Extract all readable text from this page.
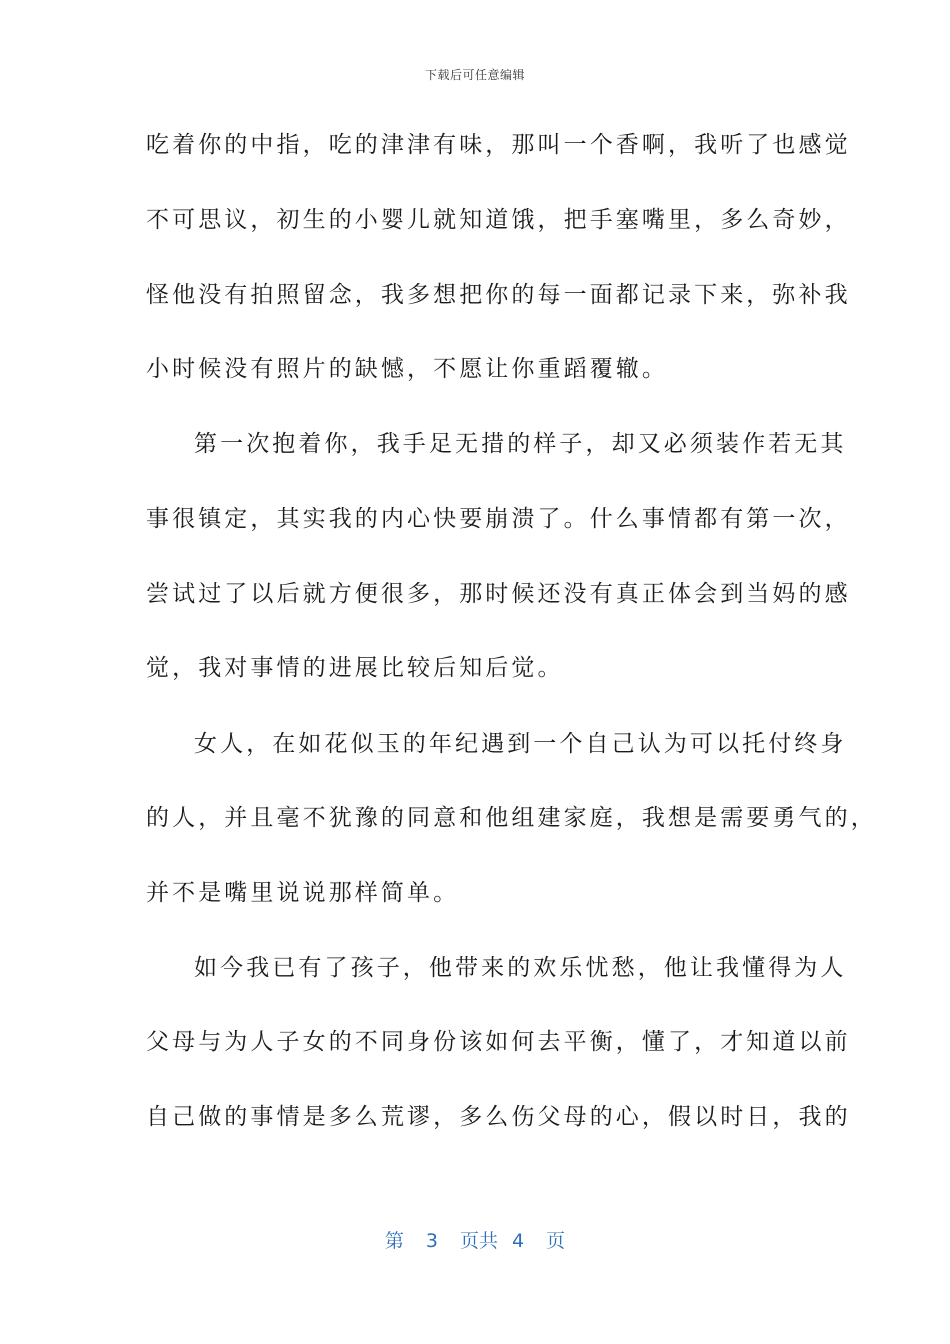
下载后可任意编辑
吃着你的中指，吃的津津有味，那叫一个香啊，我听了也感觉
不可思议，初生的小婴儿就知道饿，把手塞嘴里，多么奇妙，
怪他没有拍照留念，我多想把你的每一面都记录下来，弥补我
小时候没有照片的缺憾，不愿让你重蹈覆辙。
第一次抱着你，我手足无措的样子，却又必须装作若无其
事很镇定，其实我的内心快要崩溃了。什么事情都有第一次，
尝试过了以后就方便很多，那时候还没有真正体会到当妈的感
觉，我对事情的进展比较后知后觉。
女人，在如花似玉的年纪遇到一个自己认为可以托付终身
的人，并且毫不犹豫的同意和他组建家庭，我想是需要勇气的，
并不是嘴里说说那样简单。
如今我已有了孩子，他带来的欢乐忧愁，他让我懂得为人
父母与为人子女的不同身份该如何去平衡，懂了，才知道以前
自己做的事情是多么荒谬，多么伤父母的心，假以时日，我的
第 3 页共 4 页
